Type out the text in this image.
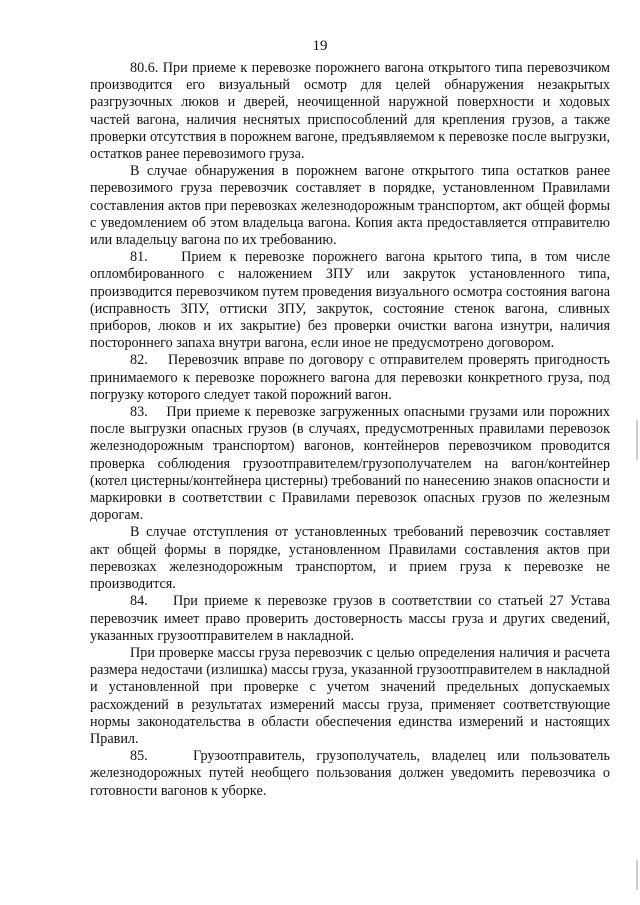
19

80.6. При приеме к перевозке порожнего вагона открытого типа перевозчиком производится его визуальный осмотр для целей обнаружения незакрытых разгрузочных люков и дверей, неочищенной наружной поверхности и ходовых частей вагона, наличия неснятых приспособлений для крепления грузов, а также проверки отсутствия в порожнем вагоне, предъявляемом к перевозке после выгрузки, остатков ранее перевозимого груза.

В случае обнаружения в порожнем вагоне открытого типа остатков ранее перевозимого груза перевозчик составляет в порядке, установленном Правилами составления актов при перевозках железнодорожным транспортом, акт общей формы с уведомлением об этом владельца вагона. Копия акта предоставляется отправителю или владельцу вагона по их требованию.

81.    Прием к перевозке порожнего вагона крытого типа, в том числе опломбированного с наложением ЗПУ или закруток установленного типа, производится перевозчиком путем проведения визуального осмотра состояния вагона (исправность ЗПУ, оттиски ЗПУ, закруток, состояние стенок вагона, сливных приборов, люков и их закрытие) без проверки очистки вагона изнутри, наличия постороннего запаха внутри вагона, если иное не предусмотрено договором.

82.    Перевозчик вправе по договору с отправителем проверять пригодность принимаемого к перевозке порожнего вагона для перевозки конкретного груза, под погрузку которого следует такой порожний вагон.

83.    При приеме к перевозке загруженных опасными грузами или порожних после выгрузки опасных грузов (в случаях, предусмотренных правилами перевозок железнодорожным транспортом) вагонов, контейнеров перевозчиком проводится проверка соблюдения грузоотправителем/грузополучателем на вагон/контейнер (котел цистерны/контейнера цистерны) требований по нанесению знаков опасности и маркировки в соответствии с Правилами перевозок опасных грузов по железным дорогам.

В случае отступления от установленных требований перевозчик составляет акт общей формы в порядке, установленном Правилами составления актов при перевозках железнодорожным транспортом, и прием груза к перевозке не производится.

84.    При приеме к перевозке грузов в соответствии со статьей 27 Устава перевозчик имеет право проверить достоверность массы груза и других сведений, указанных грузоотправителем в накладной.

При проверке массы груза перевозчик с целью определения наличия и расчета размера недостачи (излишка) массы груза, указанной грузоотправителем в накладной и установленной при проверке с учетом значений предельных допускаемых расхождений в результатах измерений массы груза, применяет соответствующие нормы законодательства в области обеспечения единства измерений и настоящих Правил.

85.    Грузоотправитель, грузополучатель, владелец или пользователь железнодорожных путей необщего пользования должен уведомить перевозчика о готовности вагонов к уборке.
